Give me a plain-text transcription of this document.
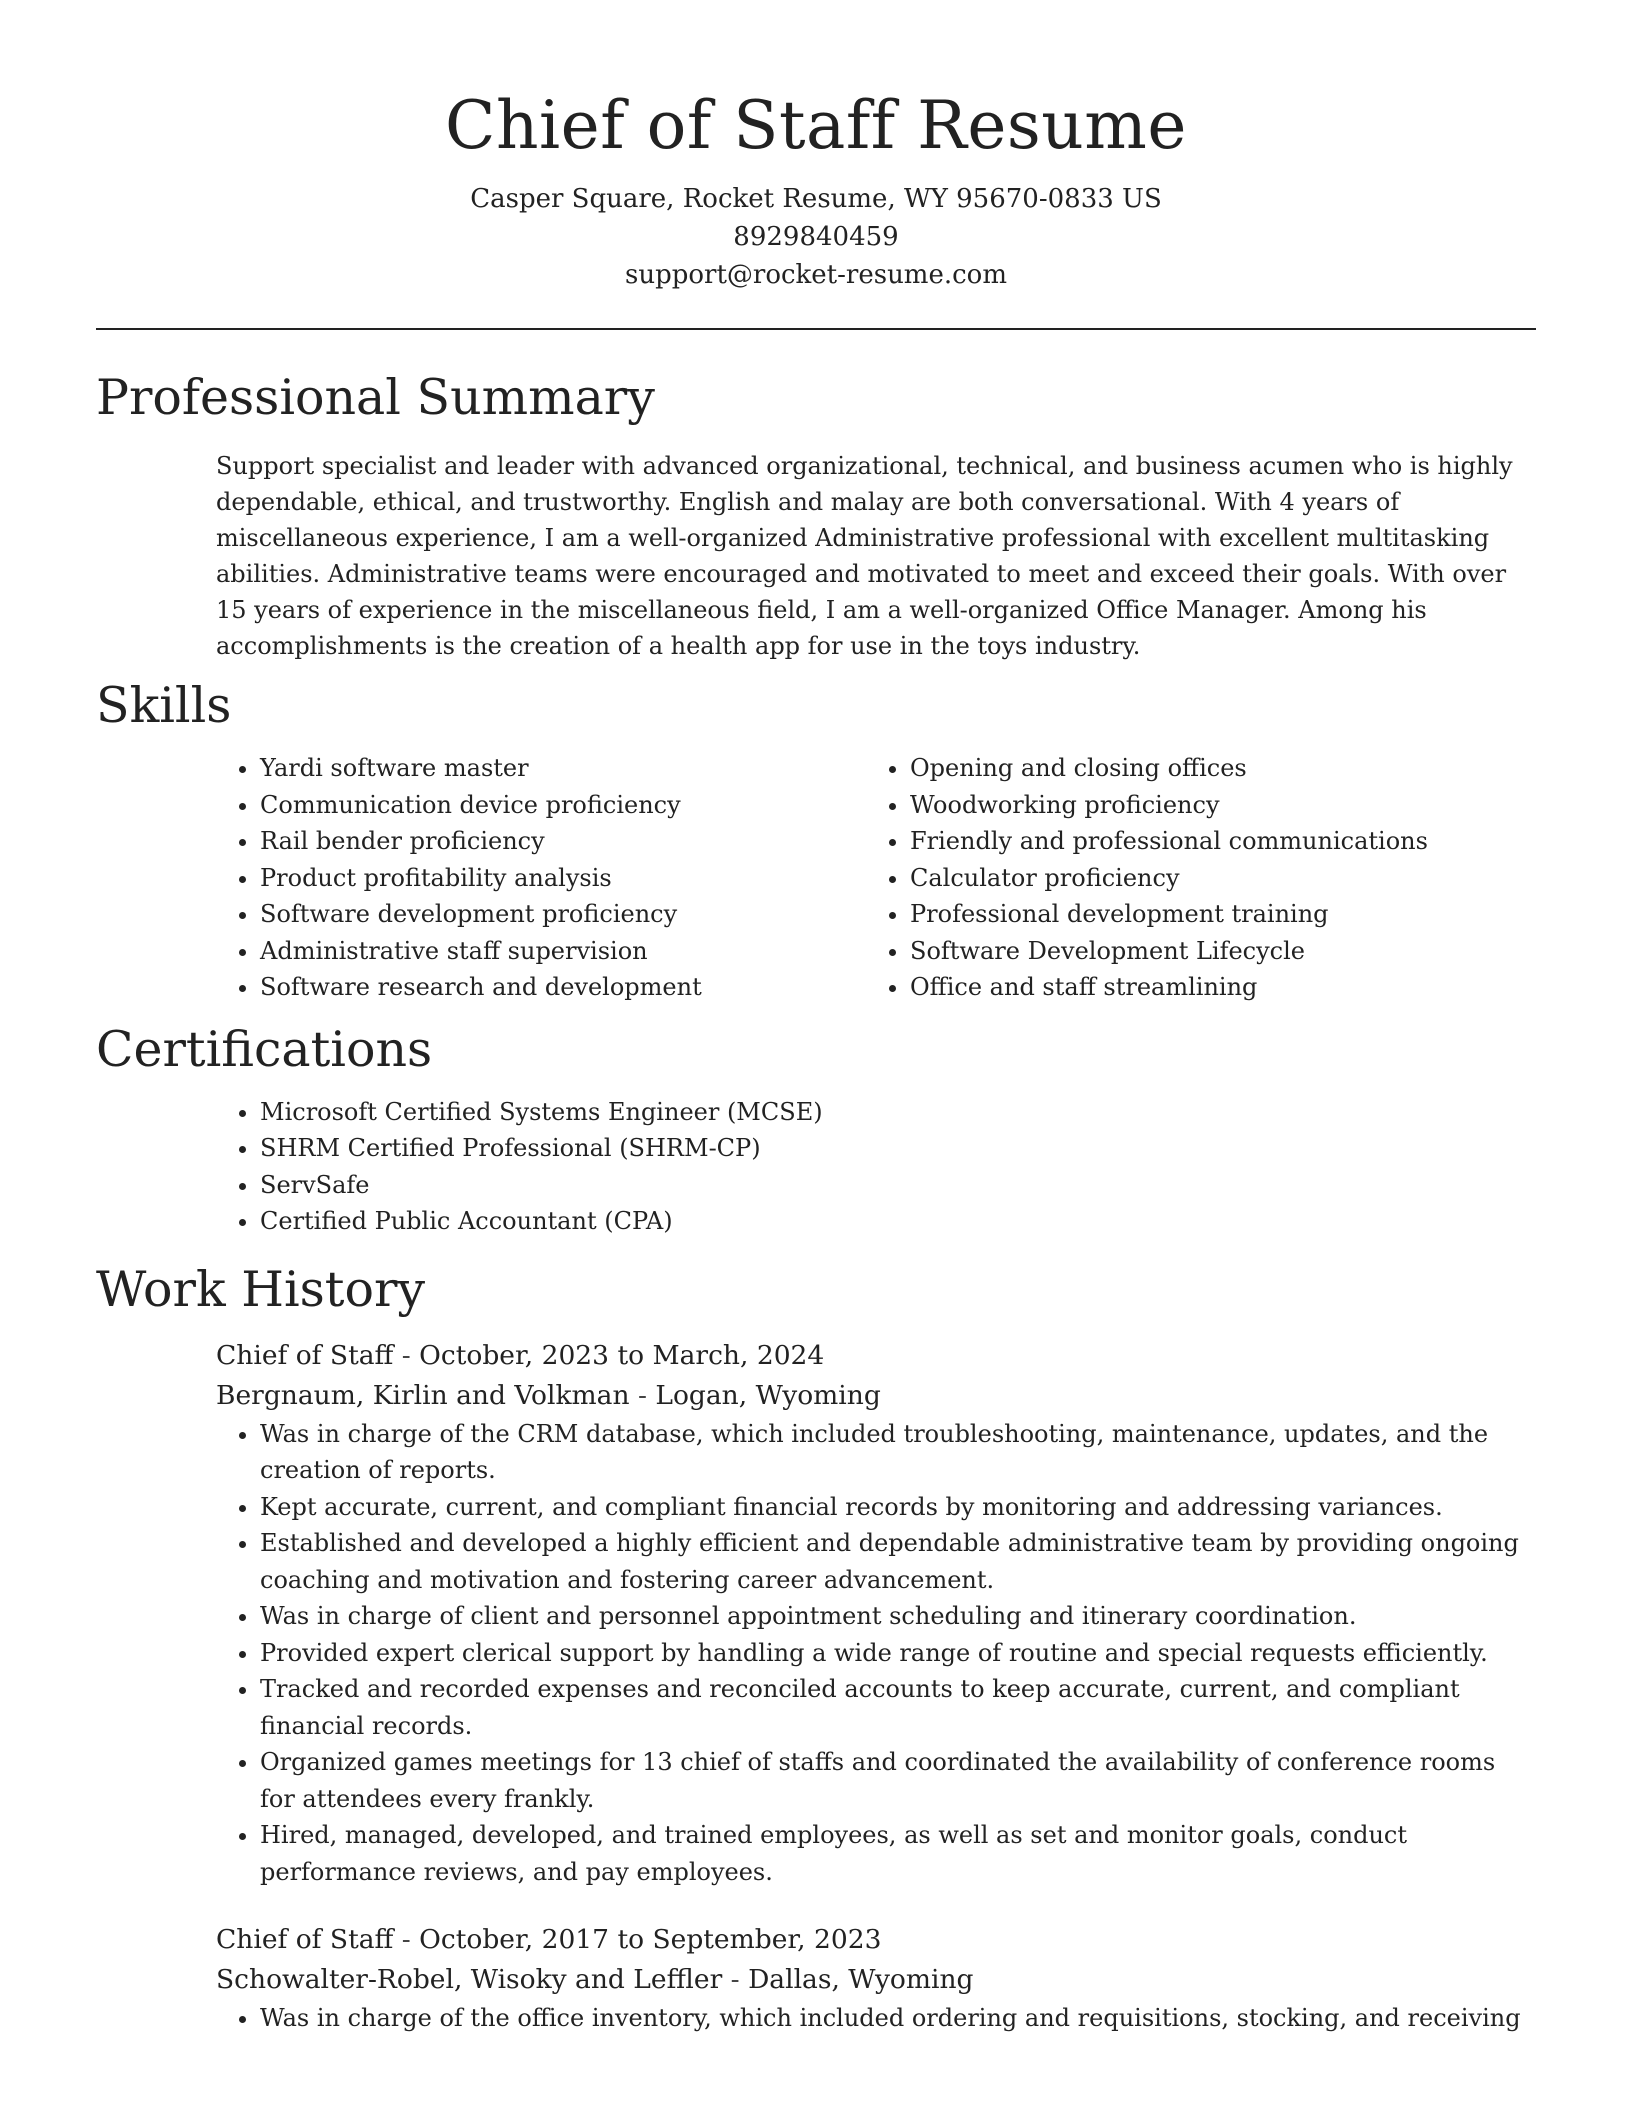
Chief of Staff Resume

Casper Square, Rocket Resume, WY 95670-0833 US

8929840459

support@rocket-resume.com

Professional Summary

Support specialist and leader with advanced organizational, technical, and business acumen who is highly dependable, ethical, and trustworthy. English and malay are both conversational. With 4 years of miscellaneous experience, I am a well-organized Administrative professional with excellent multitasking abilities. Administrative teams were encouraged and motivated to meet and exceed their goals. With over 15 years of experience in the miscellaneous field, I am a well-organized Office Manager. Among his accomplishments is the creation of a health app for use in the toys industry.

Skills
• Yardi software master
• Communication device proficiency
• Rail bender proficiency
• Product profitability analysis
• Software development proficiency
• Administrative staff supervision
• Software research and development
• Opening and closing offices
• Woodworking proficiency
• Friendly and professional communications
• Calculator proficiency
• Professional development training
• Software Development Lifecycle
• Office and staff streamlining
Certifications
• Microsoft Certified Systems Engineer (MCSE)
• SHRM Certified Professional (SHRM-CP)
• ServSafe
• Certified Public Accountant (CPA)
Work History

Chief of Staff - October, 2023 to March, 2024

Bergnaum, Kirlin and Volkman - Logan, Wyoming

• Was in charge of the CRM database, which included troubleshooting, maintenance, updates, and the creation of reports.
• Kept accurate, current, and compliant financial records by monitoring and addressing variances.
• Established and developed a highly efficient and dependable administrative team by providing ongoing coaching and motivation and fostering career advancement.
• Was in charge of client and personnel appointment scheduling and itinerary coordination.
• Provided expert clerical support by handling a wide range of routine and special requests efficiently.
• Tracked and recorded expenses and reconciled accounts to keep accurate, current, and compliant financial records.
• Organized games meetings for 13 chief of staffs and coordinated the availability of conference rooms for attendees every frankly.
• Hired, managed, developed, and trained employees, as well as set and monitor goals, conduct performance reviews, and pay employees.

Chief of Staff - October, 2017 to September, 2023

Schowalter-Robel, Wisoky and Leffler - Dallas, Wyoming

• Was in charge of the office inventory, which included ordering and requisitions, stocking, and receiving
